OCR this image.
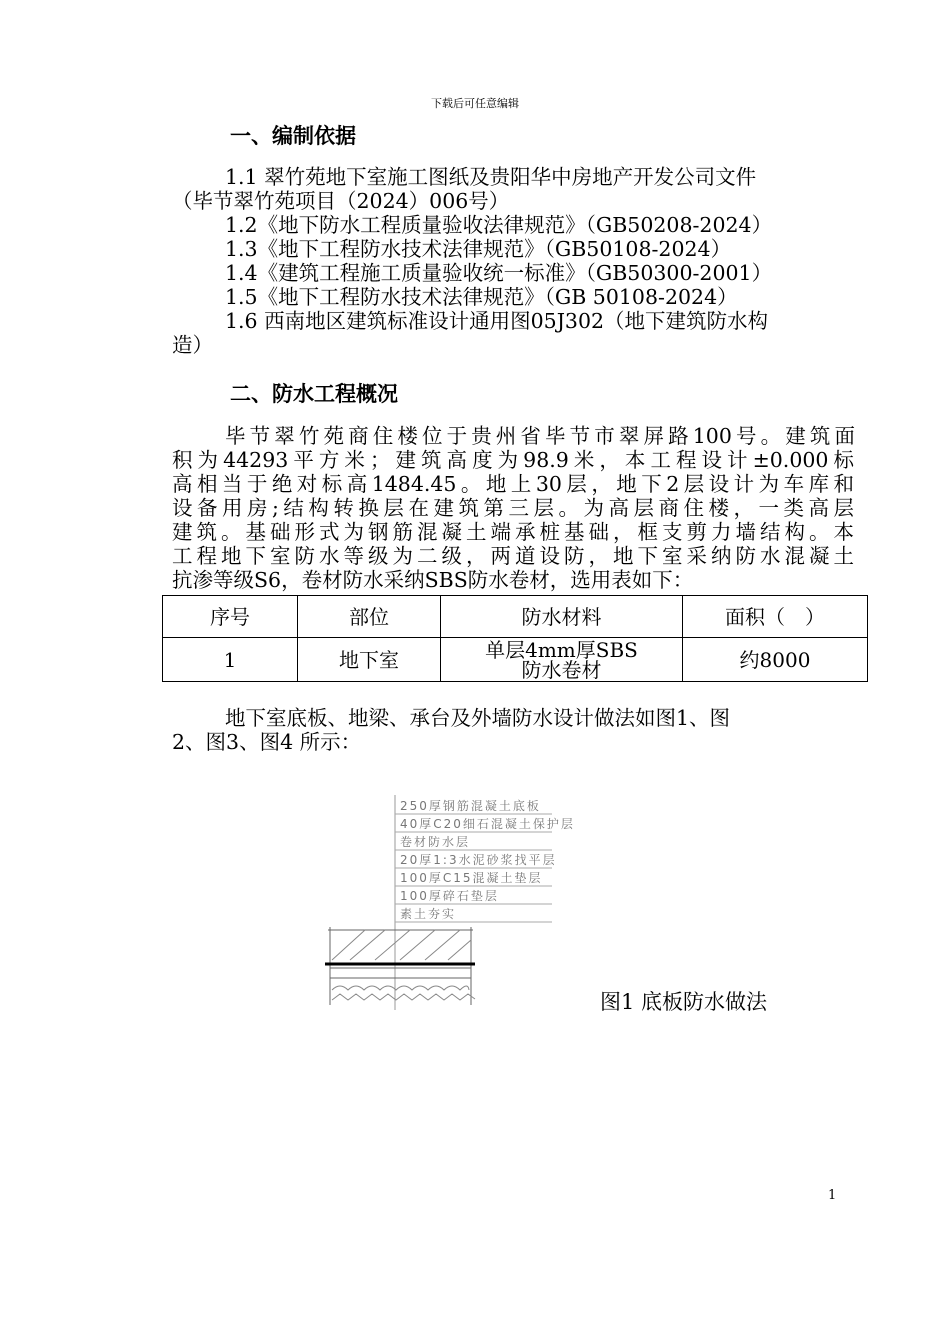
下载后可任意编辑
一、编制依据
1.1 翠竹苑地下室施工图纸及贵阳华中房地产开发公司文件
（毕节翠竹苑项目（2024）006号）
1.2《地下防水工程质量验收法律规范》（GB50208-2024）
1.3《地下工程防水技术法律规范》（GB50108-2024）
1.4《建筑工程施工质量验收统一标准》（GB50300-2001）
1.5《地下工程防水技术法律规范》（GB 50108-2024）
1.6 西南地区建筑标准设计通用图05J302（地下建筑防水构
造）
二、防水工程概况
毕节翠竹苑商住楼位于贵州省毕节市翠屏路100号。建筑面
积为44293平方米；建筑高度为98.9米，本工程设计±0.000标
高相当于绝对标高1484.45。地上30层，地下2层设计为车库和
设备用房;结构转换层在建筑第三层。为高层商住楼，一类高层
建筑。基础形式为钢筋混凝土端承桩基础，框支剪力墙结构。本
工程地下室防水等级为二级，两道设防，地下室采纳防水混凝土
抗渗等级S6，卷材防水采纳SBS防水卷材，选用表如下：
序号	部位	防水材料	面积（　）
1	地下室	单层4mm厚SBS
防水卷材	约8000
地下室底板、地梁、承台及外墙防水设计做法如图1、图
2、图3、图4 所示：
250厚钢筋混凝土底板
40厚C20细石混凝土保护层
卷材防水层
20厚1:3水泥砂浆找平层
100厚C15混凝土垫层
100厚碎石垫层
素土夯实
图1 底板防水做法
1
